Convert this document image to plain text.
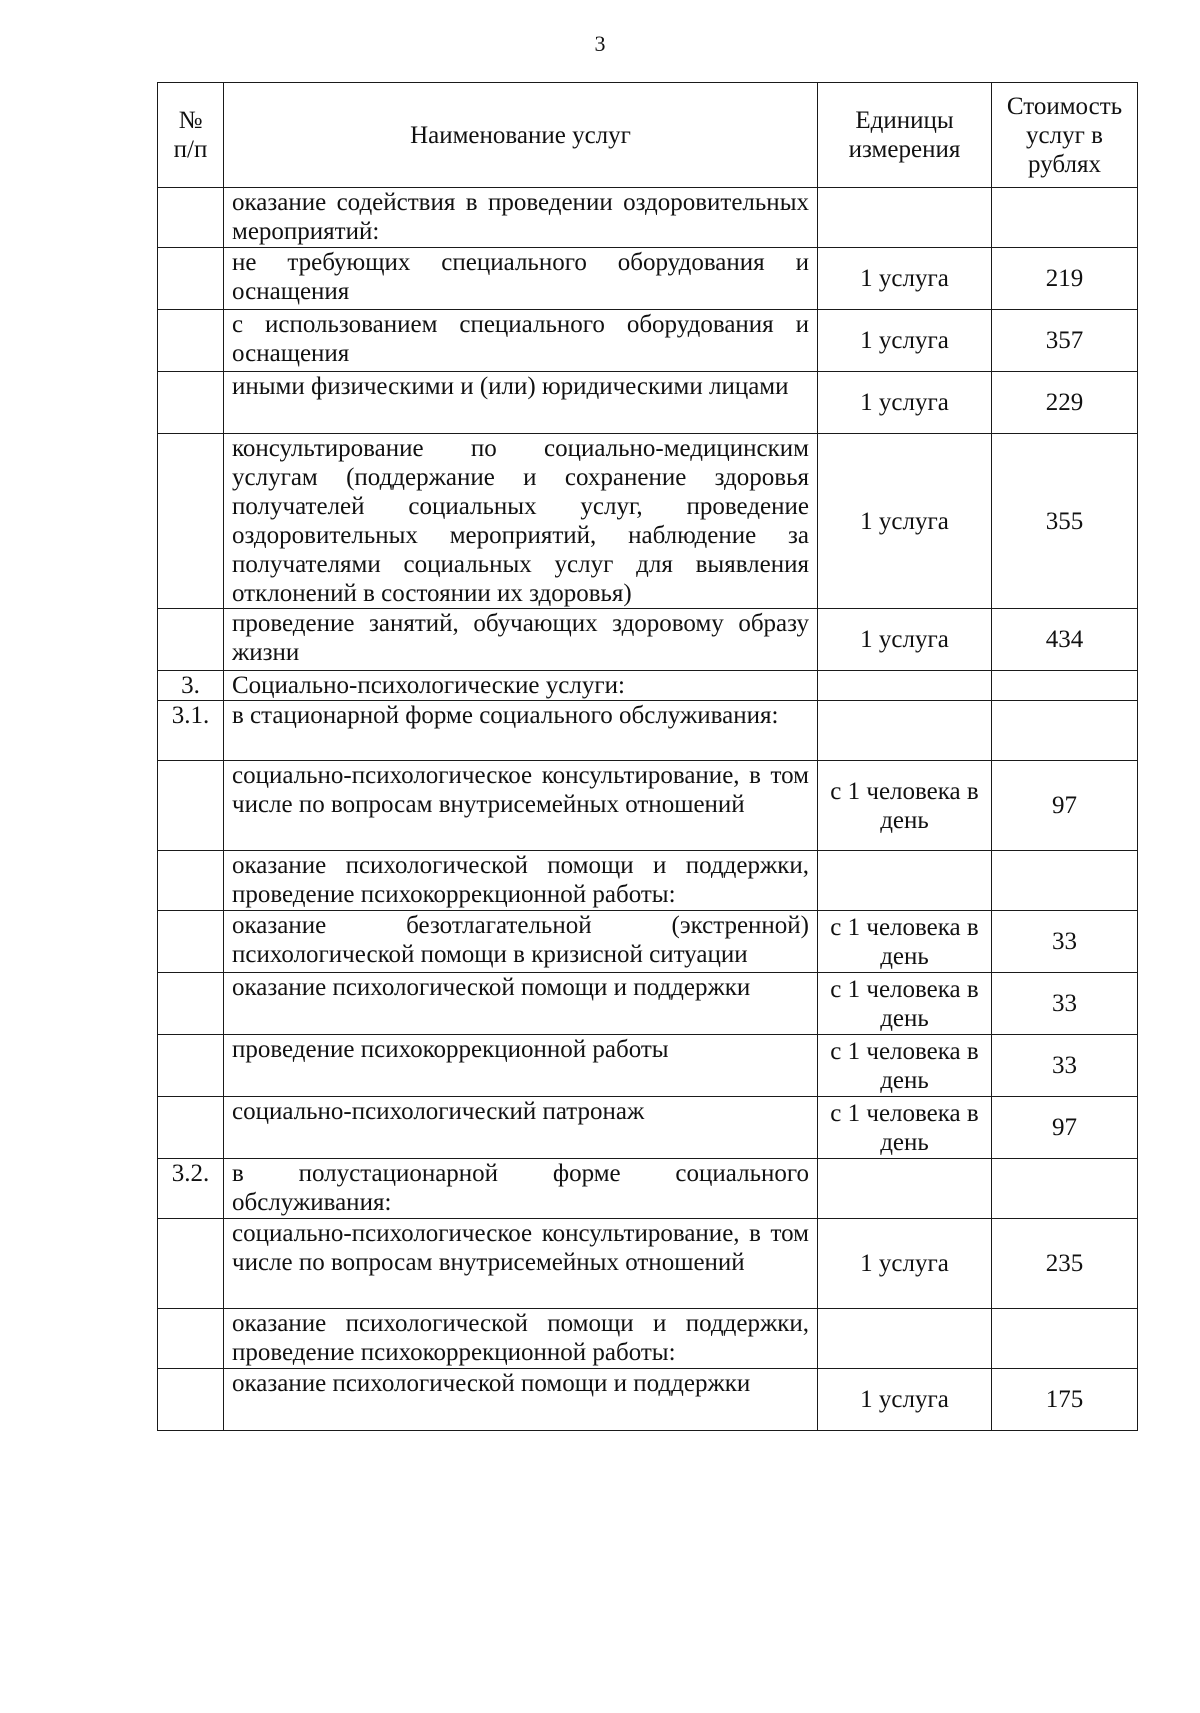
3
№ п/п	Наименование услуг	Единицы измерения	Стоимость услуг в рублях
	оказание содействия в проведении оздоровительных мероприятий:		
	не требующих специального оборудования и оснащения	1 услуга	219
	с использованием специального оборудования и оснащения	1 услуга	357
	иными физическими и (или) юридическими лицами	1 услуга	229
	консультирование по социально-медицинским услугам (поддержание и сохранение здоровья получателей социальных услуг, проведение оздоровительных мероприятий, наблюдение за получателями социальных услуг для выявления отклонений в состоянии их здоровья)	1 услуга	355
	проведение занятий, обучающих здоровому образу жизни	1 услуга	434
3.	Социально-психологические услуги:		
3.1.	в стационарной форме социального обслуживания:		
	социально-психологическое консультирование, в том числе по вопросам внутрисемейных отношений	с 1 человека в день	97
	оказание психологической помощи и поддержки, проведение психокоррекционной работы:		
	оказание безотлагательной (экстренной) психологической помощи в кризисной ситуации	с 1 человека в день	33
	оказание психологической помощи и поддержки	с 1 человека в день	33
	проведение психокоррекционной работы	с 1 человека в день	33
	социально-психологический патронаж	с 1 человека в день	97
3.2.	в полустационарной форме социального обслуживания:		
	социально-психологическое консультирование, в том числе по вопросам внутрисемейных отношений	1 услуга	235
	оказание психологической помощи и поддержки, проведение психокоррекционной работы:		
	оказание психологической помощи и поддержки	1 услуга	175
